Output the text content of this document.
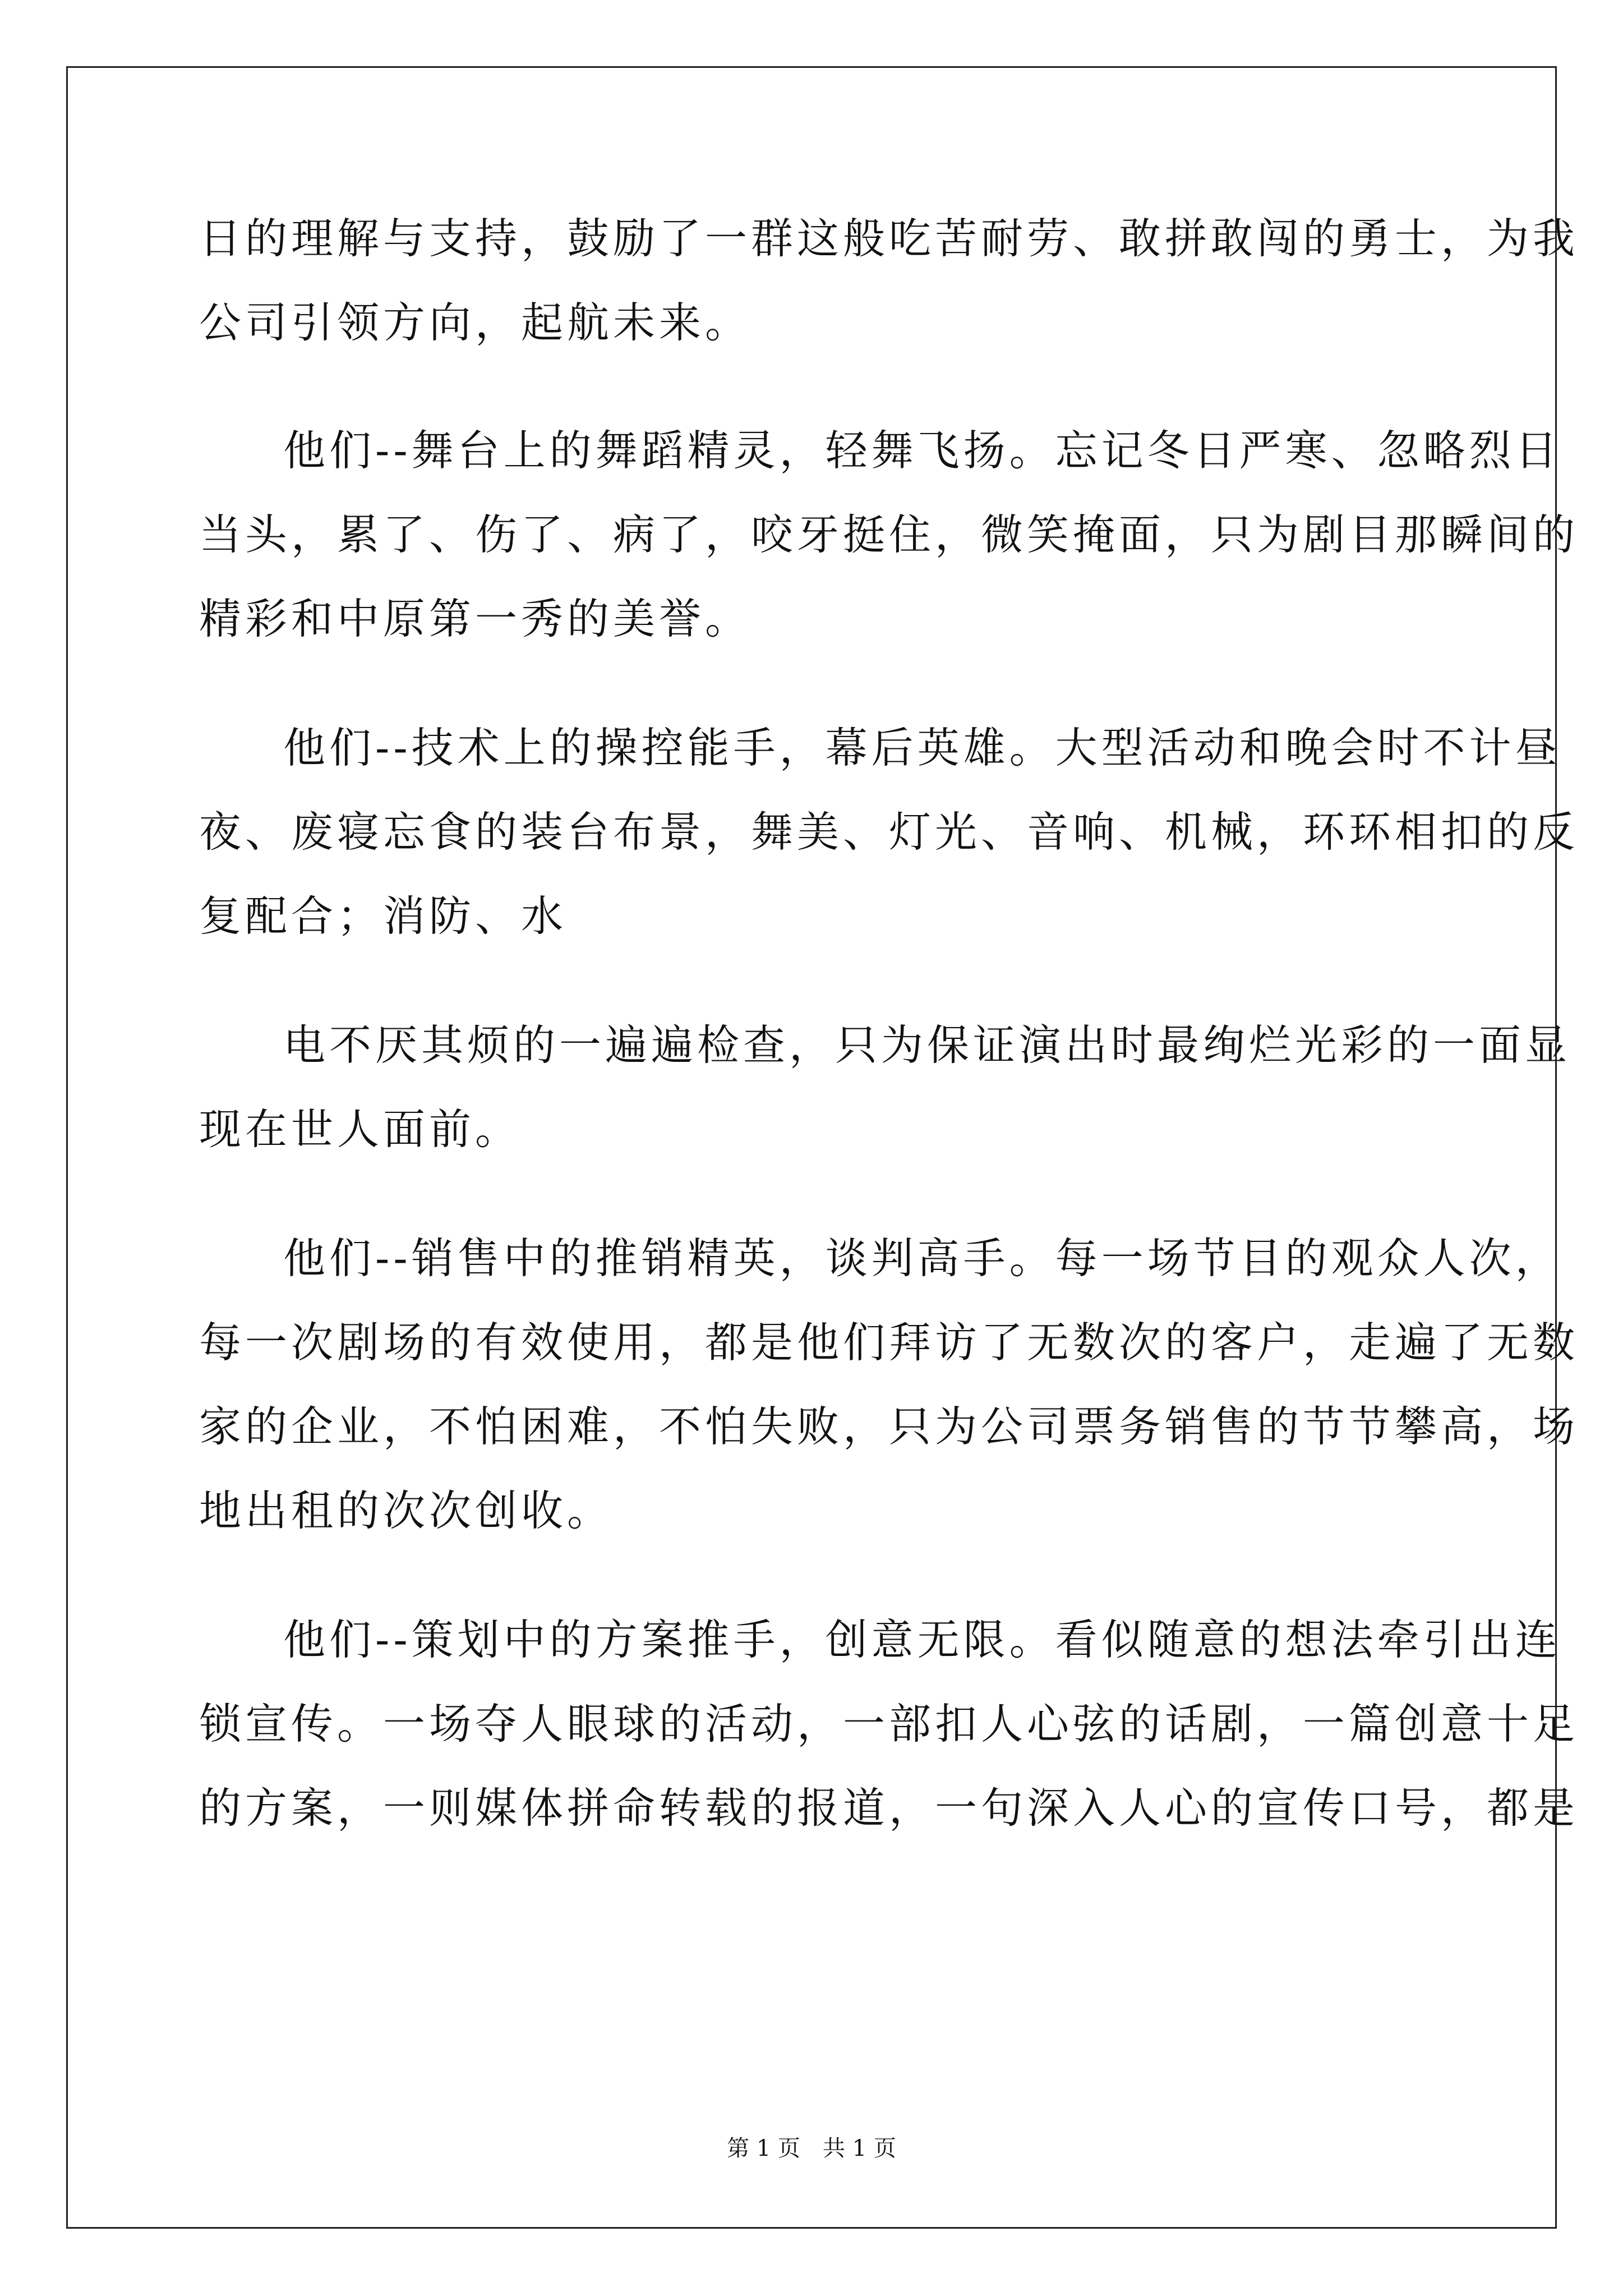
日的理解与支持，鼓励了一群这般吃苦耐劳、敢拼敢闯的勇士，为我
公司引领方向，起航未来。
他们--舞台上的舞蹈精灵，轻舞飞扬。忘记冬日严寒、忽略烈日
当头，累了、伤了、病了，咬牙挺住，微笑掩面，只为剧目那瞬间的
精彩和中原第一秀的美誉。
他们--技术上的操控能手，幕后英雄。大型活动和晚会时不计昼
夜、废寝忘食的装台布景，舞美、灯光、音响、机械，环环相扣的反
复配合；消防、水
电不厌其烦的一遍遍检查，只为保证演出时最绚烂光彩的一面显
现在世人面前。
他们--销售中的推销精英，谈判高手。每一场节目的观众人次，
每一次剧场的有效使用，都是他们拜访了无数次的客户，走遍了无数
家的企业，不怕困难，不怕失败，只为公司票务销售的节节攀高，场
地出租的次次创收。
他们--策划中的方案推手，创意无限。看似随意的想法牵引出连
锁宣传。一场夺人眼球的活动，一部扣人心弦的话剧，一篇创意十足
的方案，一则媒体拼命转载的报道，一句深入人心的宣传口号，都是
第 1 页　共 1 页
